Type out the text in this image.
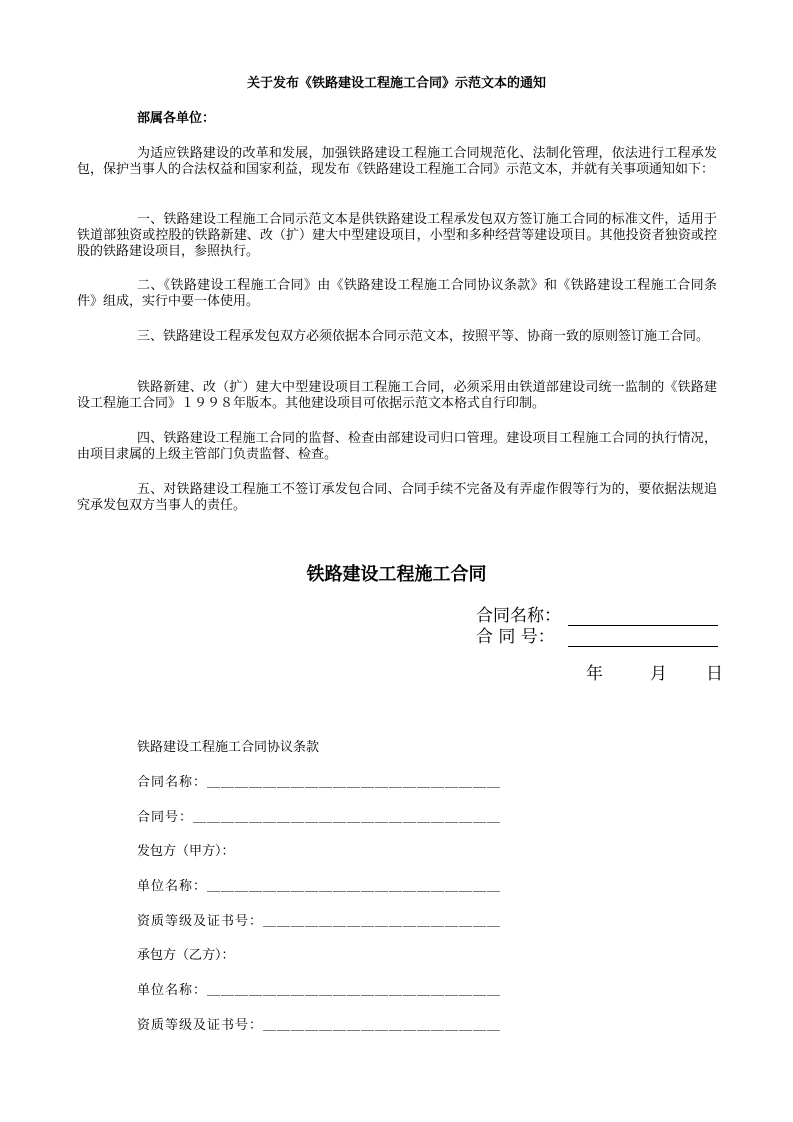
关于发布《铁路建设工程施工合同》示范文本的通知
部属各单位：
为适应铁路建设的改革和发展，加强铁路建设工程施工合同规范化、法制化管理，依法进行工程承发包，保护当事人的合法权益和国家利益，现发布《铁路建设工程施工合同》示范文本，并就有关事项通知如下：
一、铁路建设工程施工合同示范文本是供铁路建设工程承发包双方签订施工合同的标准文件，适用于铁道部独资或控股的铁路新建、改（扩）建大中型建设项目，小型和多种经营等建设项目。其他投资者独资或控股的铁路建设项目，参照执行。
二、《铁路建设工程施工合同》由《铁路建设工程施工合同协议条款》和《铁路建设工程施工合同条件》组成，实行中要一体使用。
三、铁路建设工程承发包双方必须依据本合同示范文本，按照平等、协商一致的原则签订施工合同。
铁路新建、改（扩）建大中型建设项目工程施工合同，必须采用由铁道部建设司统一监制的《铁路建设工程施工合同》１９９８年版本。其他建设项目可依据示范文本格式自行印制。
四、铁路建设工程施工合同的监督、检查由部建设司归口管理。建设项目工程施工合同的执行情况，由项目隶属的上级主管部门负责监督、检查。
五、对铁路建设工程施工不签订承发包合同、合同手续不完备及有弄虚作假等行为的，要依据法规追究承发包双方当事人的责任。
铁路建设工程施工合同
合同名称：
合 同 号：
年	月 日
铁路建设工程施工合同协议条款
合同名称：＿＿＿＿＿＿＿＿＿＿＿＿＿＿＿＿＿＿＿＿＿
合同号：＿＿＿＿＿＿＿＿＿＿＿＿＿＿＿＿＿＿＿＿＿＿
发包方（甲方）：
单位名称：＿＿＿＿＿＿＿＿＿＿＿＿＿＿＿＿＿＿＿＿＿
资质等级及证书号：＿＿＿＿＿＿＿＿＿＿＿＿＿＿＿＿＿
承包方（乙方）：
单位名称：＿＿＿＿＿＿＿＿＿＿＿＿＿＿＿＿＿＿＿＿＿
资质等级及证书号：＿＿＿＿＿＿＿＿＿＿＿＿＿＿＿＿＿
